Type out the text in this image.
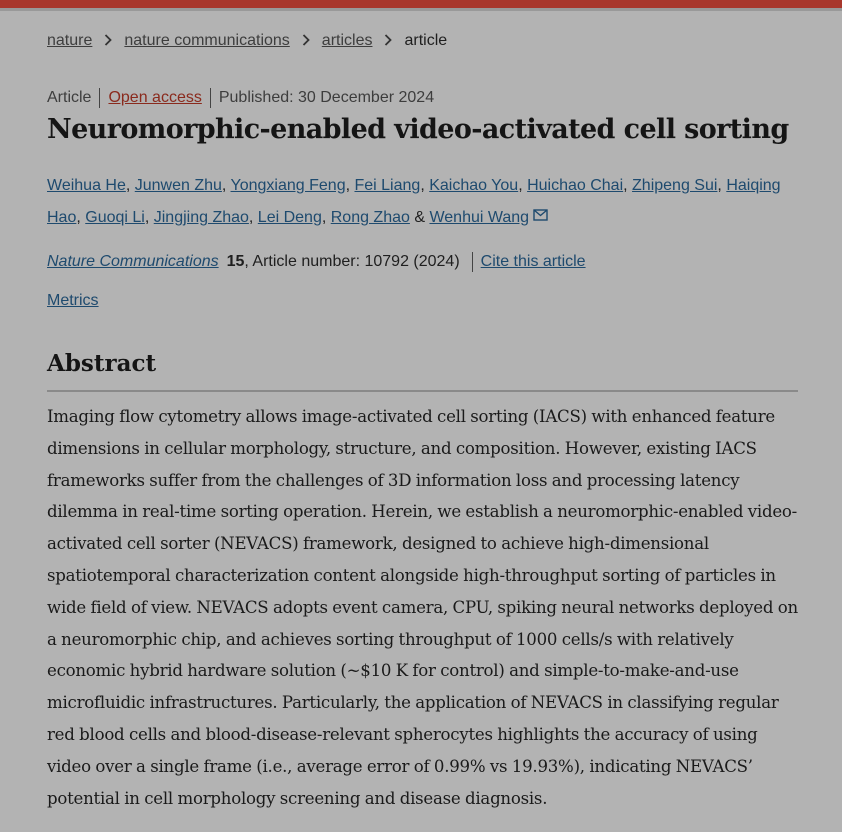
nature nature communications articles article
Article Open access Published: 30 December 2024
Neuromorphic-enabled video-activated cell sorting
Weihua He, Junwen Zhu, Yongxiang Feng, Fei Liang, Kaichao You, Huichao Chai, Zhipeng Sui, Haiqing Hao, Guoqi Li, Jingjing Zhao, Lei Deng, Rong Zhao & Wenhui Wang
Nature Communications 15 , Article number: 10792 (2024) Cite this article
Metrics
Abstract

Imaging flow cytometry allows image-activated cell sorting (IACS) with enhanced feature dimensions in cellular morphology, structure, and composition. However, existing IACS frameworks suffer from the challenges of 3D information loss and processing latency dilemma in real-time sorting operation. Herein, we establish a neuromorphic-enabled video-activated cell sorter (NEVACS) framework, designed to achieve high-dimensional spatiotemporal characterization content alongside high-throughput sorting of particles in wide field of view. NEVACS adopts event camera, CPU, spiking neural networks deployed on a neuromorphic chip, and achieves sorting throughput of 1000 cells/s with relatively economic hybrid hardware solution (~$10 K for control) and simple-to-make-and-use microfluidic infrastructures. Particularly, the application of NEVACS in classifying regular red blood cells and blood-disease-relevant spherocytes highlights the accuracy of using video over a single frame (i.e., average error of 0.99% vs 19.93%), indicating NEVACS’ potential in cell morphology screening and disease diagnosis.
